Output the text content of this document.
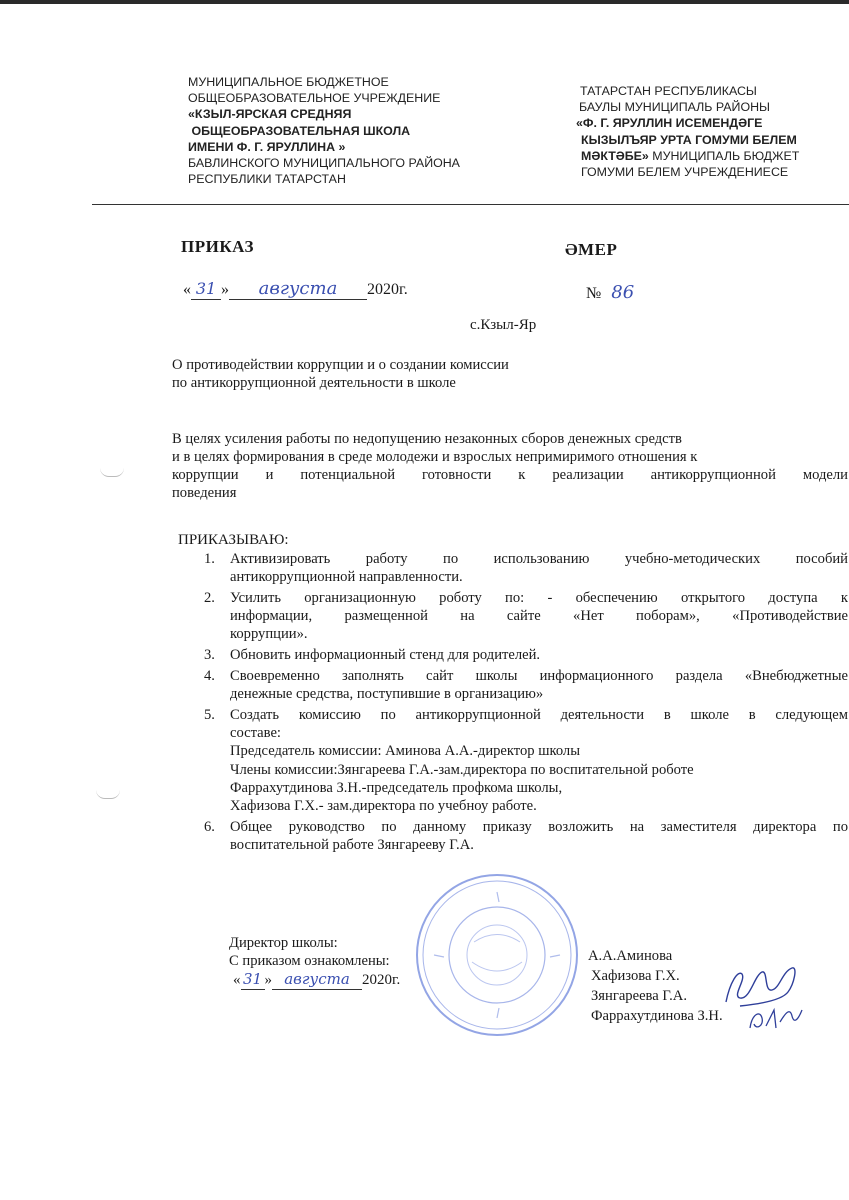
МУНИЦИПАЛЬНОЕ БЮДЖЕТНОЕ
ОБЩЕОБРАЗОВАТЕЛЬНОЕ УЧРЕЖДЕНИЕ
«КЗЫЛ-ЯРСКАЯ СРЕДНЯЯ
ОБЩЕОБРАЗОВАТЕЛЬНАЯ ШКОЛА
ИМЕНИ Ф. Г. ЯРУЛЛИНА »
БАВЛИНСКОГО МУНИЦИПАЛЬНОГО РАЙОНА
РЕСПУБЛИКИ ТАТАРСТАН
ТАТАРСТАН РЕСПУБЛИКАСЫ
БАУЛЫ МУНИЦИПАЛЬ РАЙОНЫ
«Ф. Г. ЯРУЛЛИН ИСЕМЕНДӘГЕ
КЫЗЫЛЪЯР УРТА ГОМУМИ БЕЛЕМ
МӘКТӘБЕ» МУНИЦИПАЛЬ БЮДЖЕТ
ГОМУМИ БЕЛЕМ УЧРЕЖДЕНИЕСЕ
ПРИКАЗ	ӘМЕР
« 31 » августа 2020г.	№ 86
с.Кзыл-Яр
О противодействии коррупции и о создании комиссии
по антикоррупционной деятельности в школе
В целях усиления работы по недопущению незаконных сборов денежных средств
и в целях формирования в среде молодежи и взрослых непримиримого отношения к
коррупции и потенциальной готовности к реализации антикоррупционной модели
поведения
ПРИКАЗЫВАЮ:
1. Активизировать работу по использованию учебно-методических пособий
антикоррупционной направленности.
2. Усилить организационную роботу по: - обеспечению открытого доступа к
информации, размещенной на сайте «Нет поборам», «Противодействие
коррупции».
3. Обновить информационный стенд для родителей.
4. Своевременно заполнять сайт школы информационного раздела «Внебюджетные
денежные средства, поступившие в организацию»
5. Создать комиссию по антикоррупционной деятельности в школе в следующем
составе:
Председатель комиссии: Аминова А.А.-директор школы
Члены комиссии:Зянгареева Г.А.-зам.директора по воспитательной роботе
Фаррахутдинова З.Н.-председатель профкома школы,
Хафизова Г.Х.- зам.директора по учебноу работе.
6. Общее руководство по данному приказу возложить на заместителя директора по
воспитательной работе Зянгарееву Г.А.
Директор школы:
С приказом ознакомлены:
« 31 » августа 2020г.
А.А.Аминова
Хафизова Г.Х.
Зянгареева Г.А.
Фаррахутдинова З.Н.
